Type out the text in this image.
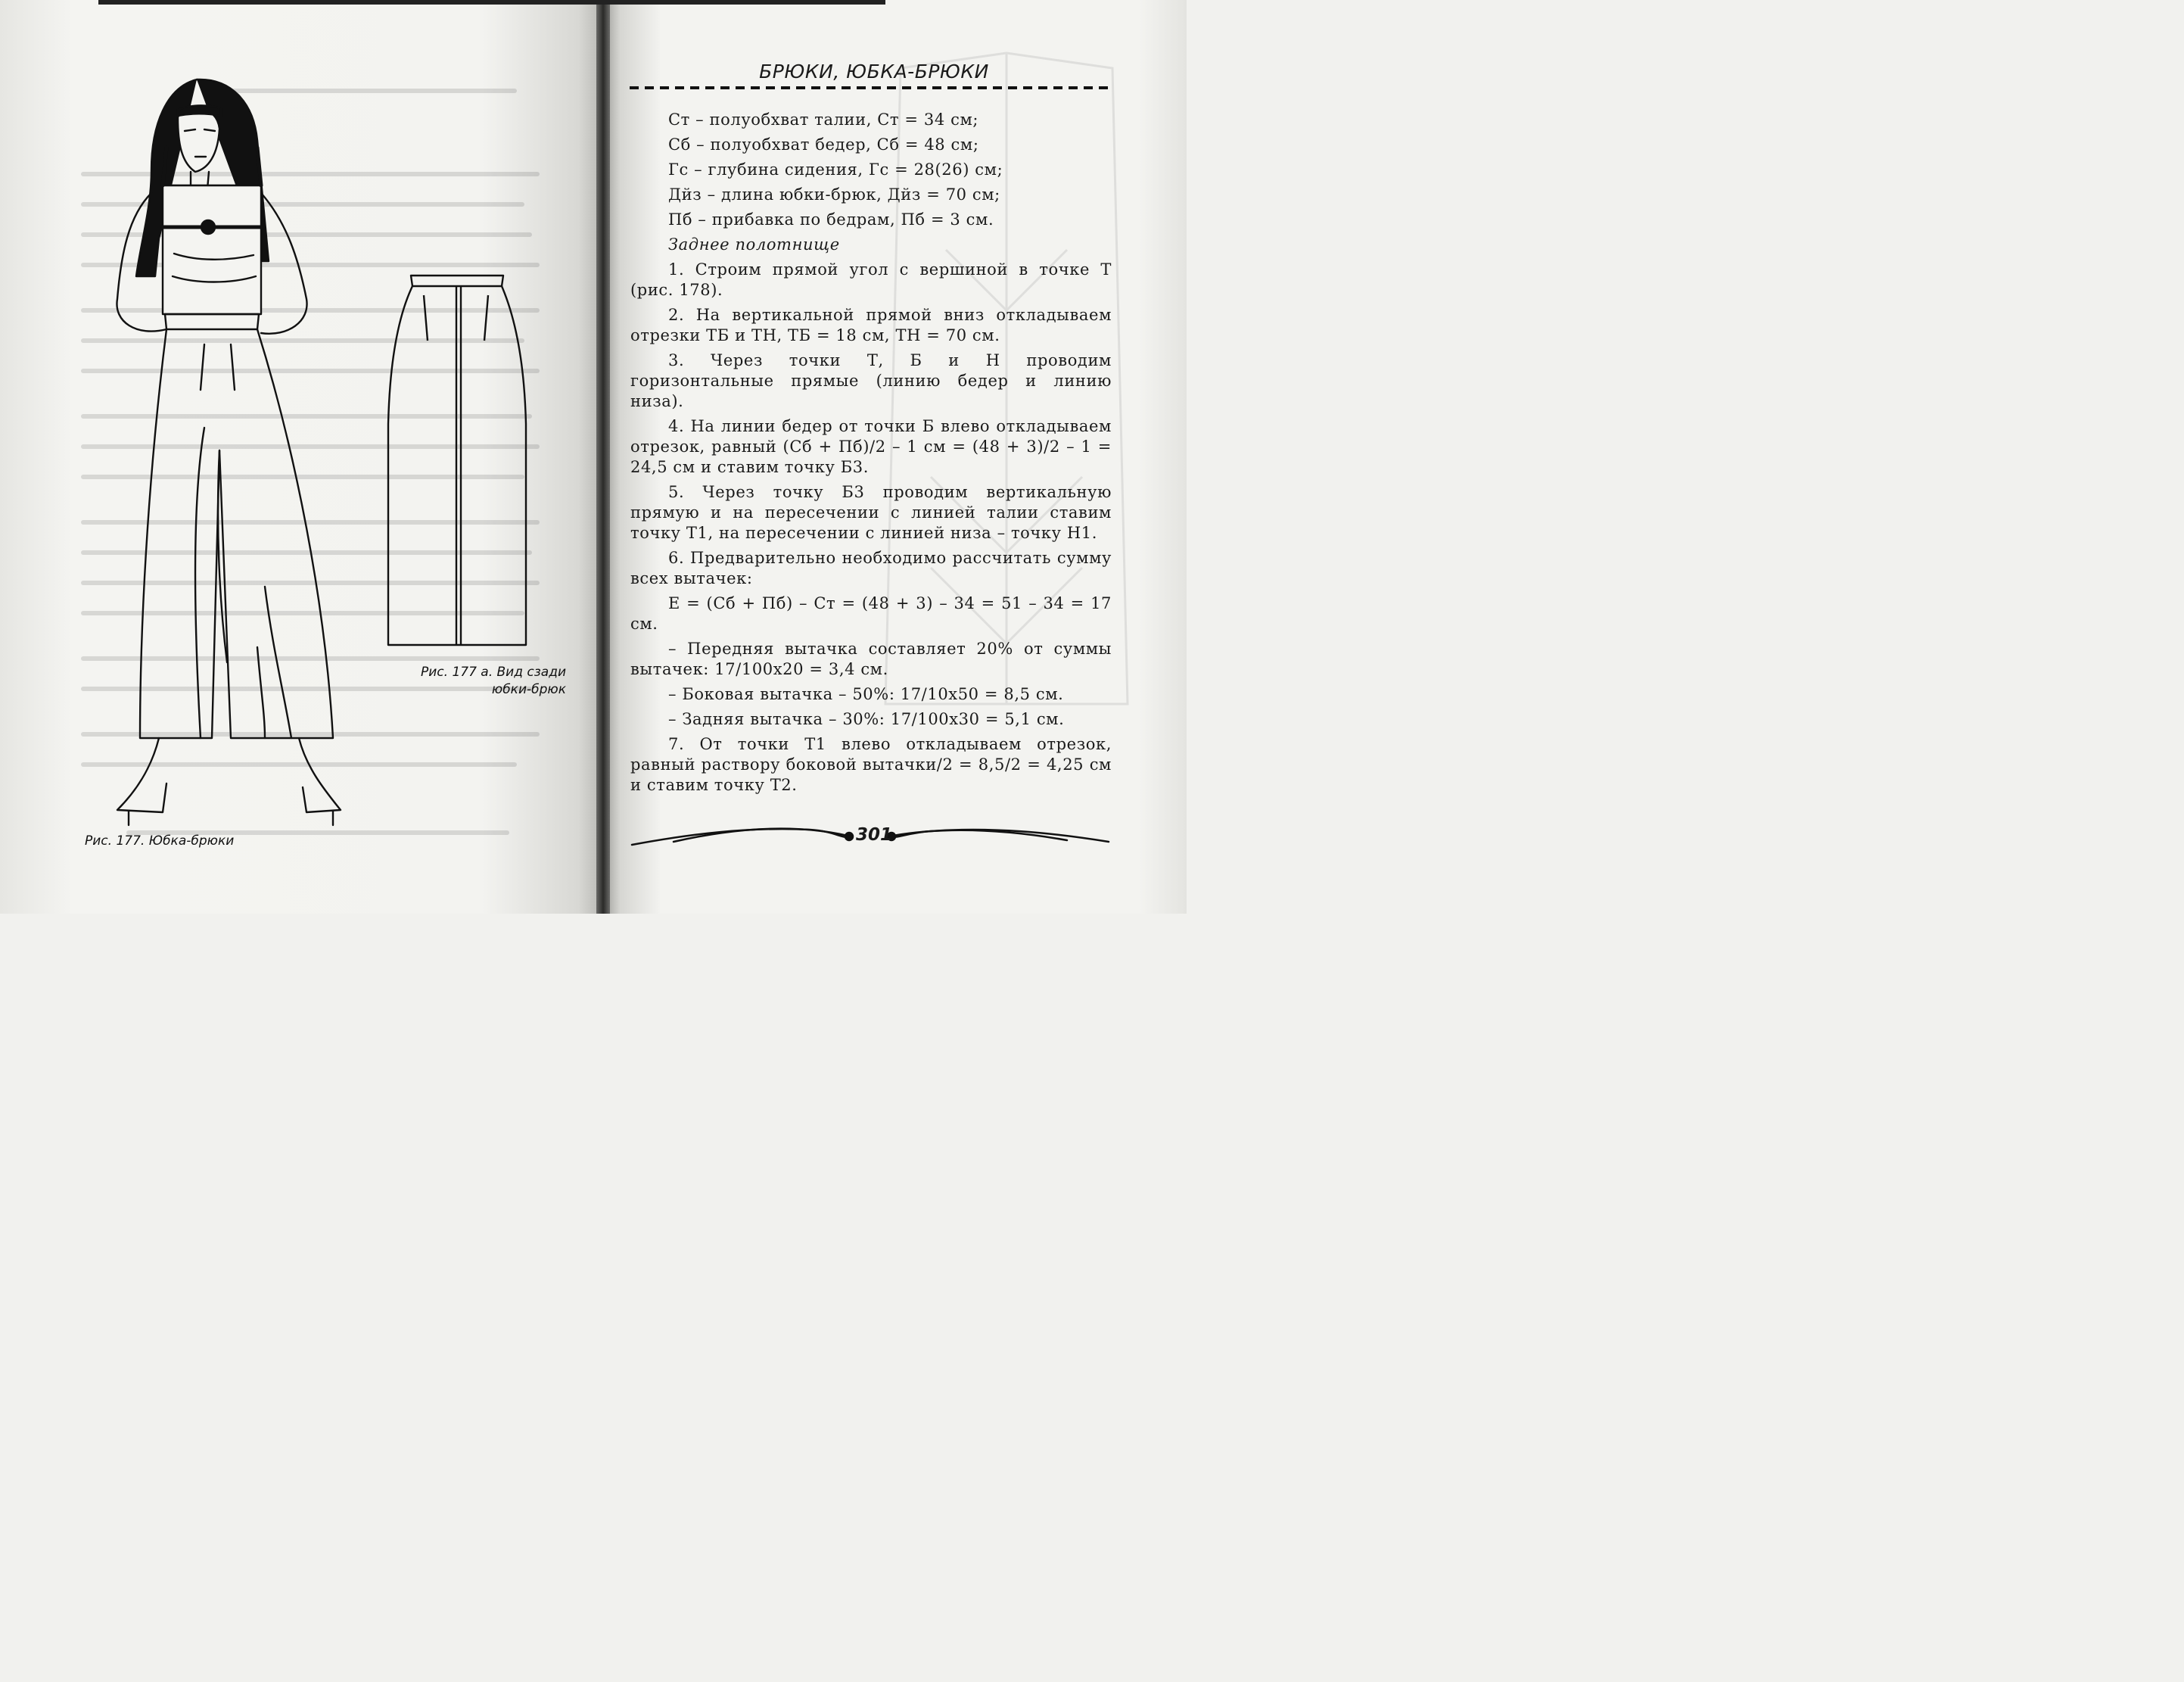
Рис. 177 а. Вид сзади
юбки-брюк
Рис. 177. Юбка-брюки
БРЮКИ, ЮБКА-БРЮКИ

Cт – полуобхват талии, Cт = 34 см;

Cб – полуобхват бедер, Cб = 48 см;

Гс – глубина сидения, Гс = 28(26) см;

Дйз – длина юбки-брюк, Дйз = 70 см;

Пб – прибавка по бедрам, Пб = 3 см.

Заднее полотнище

1. Строим прямой угол с вершиной в точке Т (рис. 178).

2. На вертикальной прямой вниз откладываем отрезки ТБ и ТН, ТБ = 18 см, ТН = 70 см.

3. Через точки Т, Б и Н проводим горизонтальные прямые (линию бедер и линию низа).

4. На линии бедер от точки Б влево откладываем отрезок, равный (Cб + Пб)/2 – 1 см = (48 + 3)/2 – 1 = 24,5 см и ставим точку Б3.

5. Через точку Б3 проводим вертикальную прямую и на пересечении с линией талии ставим точку Т1, на пересечении с линией низа – точку Н1.

6. Предварительно необходимо рассчитать сумму всех вытачек:

Е = (Cб + Пб) – Cт = (48 + 3) – 34 = 51 – 34 = 17 см.

– Передняя вытачка составляет 20% от суммы вытачек: 17/100x20 = 3,4 см.

– Боковая вытачка – 50%: 17/10x50 = 8,5 см.

– Задняя вытачка – 30%: 17/100x30 = 5,1 см.

7. От точки Т1 влево откладываем отрезок, равный раствору боковой вытачки/2 = 8,5/2 = 4,25 см и ставим точку Т2.

301
